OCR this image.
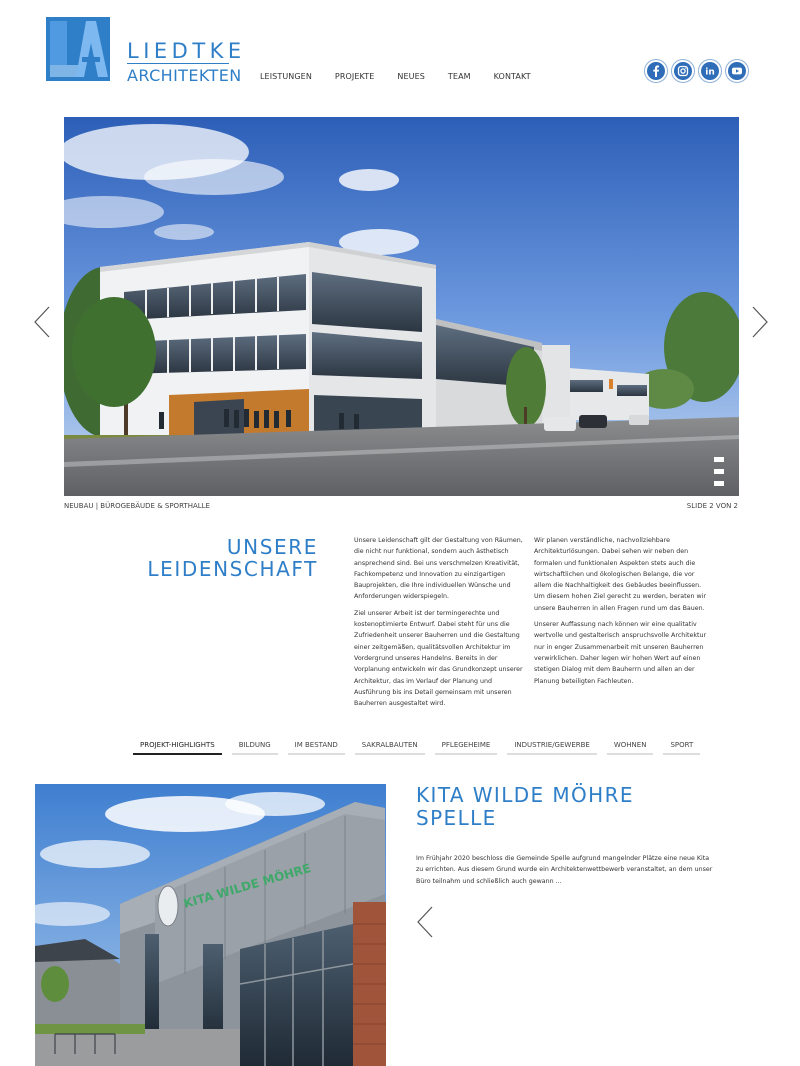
LIEDTKE
ARCHITEKTEN	LEISTUNGEN	PROJEKTE	NEUES	TEAM	KONTAKT	in
NEUBAU | BÜROGEBÄUDE & SPORTHALLE	SLIDE 2 VON 2
UNSERE
LEIDENSCHAFT

Unsere Leidenschaft gilt der Gestaltung von Räumen, die nicht nur funktional, sondern auch ästhetisch ansprechend sind. Bei uns verschmelzen Kreativität, Fachkompetenz und Innovation zu einzigartigen Bauprojekten, die Ihre individuellen Wünsche und Anforderungen widerspiegeln.

Ziel unserer Arbeit ist der termingerechte und kostenoptimierte Entwurf. Dabei steht für uns die Zufriedenheit unserer Bauherren und die Gestaltung einer zeitgemäßen, qualitätsvollen Architektur im Vordergrund unseres Handelns. Bereits in der Vorplanung entwickeln wir das Grundkonzept unserer Architektur, das im Verlauf der Planung und Ausführung bis ins Detail gemeinsam mit unseren Bauherren ausgestaltet wird.

Wir planen verständliche, nachvollziehbare Architekturlösungen. Dabei sehen wir neben den formalen und funktionalen Aspekten stets auch die wirtschaftlichen und ökologischen Belange, die vor allem die Nachhaltigkeit des Gebäudes beeinflussen. Um diesem hohen Ziel gerecht zu werden, beraten wir unsere Bauherren in allen Fragen rund um das Bauen.

Unserer Auffassung nach können wir eine qualitativ wertvolle und gestalterisch anspruchsvolle Architektur nur in enger Zusammenarbeit mit unseren Bauherren verwirklichen. Daher legen wir hohen Wert auf einen stetigen Dialog mit dem Bauherrn und allen an der Planung beteiligten Fachleuten.

PROJEKT-HIGHLIGHTS	BILDUNG	IM BESTAND	SAKRALBAUTEN	PFLEGEHEIME	INDUSTRIE/GEWERBE	WOHNEN	SPORT
KITA WILDE MÖHRE
KITA WILDE MÖHRE
SPELLE
Im Frühjahr 2020 beschloss die Gemeinde Spelle aufgrund mangelnder Plätze eine neue Kita zu errichten. Aus diesem Grund wurde ein Architektenwettbewerb veranstaltet, an dem unser Büro teilnahm und schließlich auch gewann ...
